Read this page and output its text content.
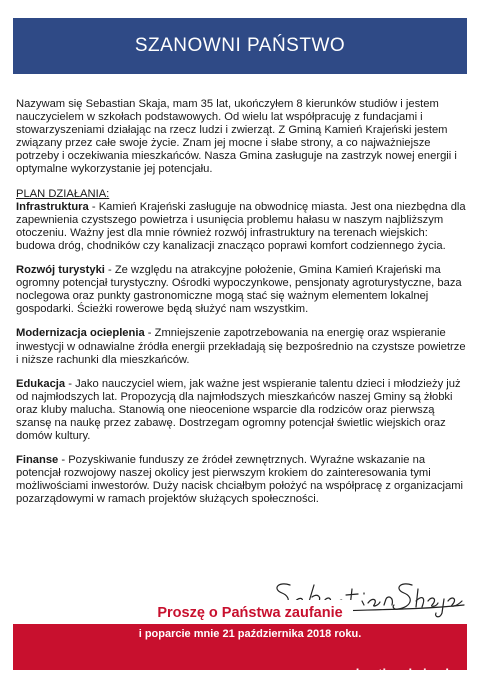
SZANOWNI PAŃSTWO

Nazywam się Sebastian Skaja, mam 35 lat, ukończyłem 8 kierunków studiów i jestem nauczycielem w szkołach podstawowych. Od wielu lat współpracuję z fundacjami i stowarzyszeniami działając na rzecz ludzi i zwierząt. Z Gminą Kamień Krajeński jestem związany przez całe swoje życie. Znam jej mocne i słabe strony, a co najważniejsze potrzeby i oczekiwania mieszkańców. Nasza Gmina zasługuje na zastrzyk nowej energii i optymalne wykorzystanie jej potencjału.

PLAN DZIAŁANIA:

Infrastruktura - Kamień Krajeński zasługuje na obwodnicę miasta. Jest ona niezbędna dla zapewnienia czystszego powietrza i usunięcia problemu hałasu w naszym najbliższym otoczeniu. Ważny jest dla mnie również rozwój infrastruktury na terenach wiejskich: budowa dróg, chodników czy kanalizacji znacząco poprawi komfort codziennego życia.

Rozwój turystyki - Ze względu na atrakcyjne położenie, Gmina Kamień Krajeński ma ogromny potencjał turystyczny. Ośrodki wypoczynkowe, pensjonaty agroturystyczne, baza noclegowa oraz punkty gastronomiczne mogą stać się ważnym elementem lokalnej gospodarki. Ścieżki rowerowe będą służyć nam wszystkim.

Modernizacja ocieplenia - Zmniejszenie zapotrzebowania na energię oraz wspieranie inwestycji w odnawialne źródła energii przekładają się bezpośrednio na czystsze powietrze i niższe rachunki dla mieszkańców.

Edukacja - Jako nauczyciel wiem, jak ważne jest wspieranie talentu dzieci i młodzieży już od najmłodszych lat. Propozycją dla najmłodszych mieszkańców naszej Gminy są żłobki oraz kluby malucha. Stanowią one nieocenione wsparcie dla rodziców oraz pierwszą szansę na naukę przez zabawę. Dostrzegam ogromny potencjał świetlic wiejskich oraz domów kultury.

Finanse - Pozyskiwanie funduszy ze źródeł zewnętrznych. Wyraźne wskazanie na potencjał rozwojowy naszej okolicy jest pierwszym krokiem do zainteresowania tymi możliwościami inwestorów. Duży nacisk chciałbym położyć na współpracę z organizacjami pozarządowymi w ramach projektów służących społeczności.

Sebastian Skaja
KKW SLD LEWICA RAZEM	www.sebastianskaja.pl
Proszę o Państwa zaufanie
i poparcie mnie 21 października 2018 roku.
